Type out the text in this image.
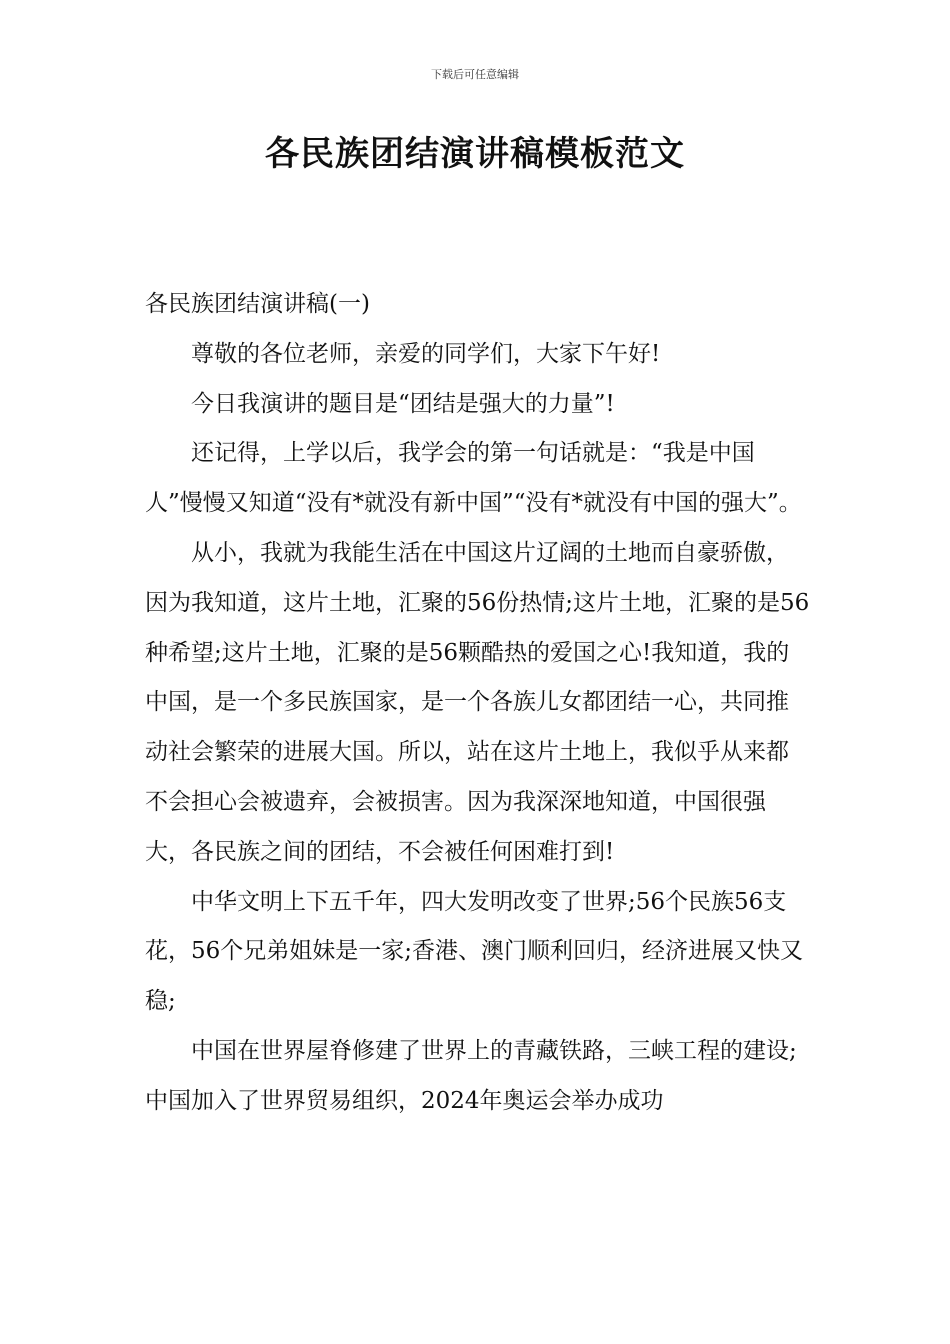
下载后可任意编辑
各民族团结演讲稿模板范文

各民族团结演讲稿(一)

尊敬的各位老师，亲爱的同学们，大家下午好!

今日我演讲的题目是“团结是强大的力量”!

还记得，上学以后，我学会的第一句话就是：“我是中国人”慢慢又知道“没有*就没有新中国”“没有*就没有中国的强大”。

从小，我就为我能生活在中国这片辽阔的土地而自豪骄傲，因为我知道，这片土地，汇聚的56份热情;这片土地，汇聚的是56种希望;这片土地，汇聚的是56颗酷热的爱国之心!我知道，我的中国，是一个多民族国家，是一个各族儿女都团结一心，共同推动社会繁荣的进展大国。所以，站在这片土地上，我似乎从来都不会担心会被遗弃，会被损害。因为我深深地知道，中国很强大，各民族之间的团结，不会被任何困难打到!

中华文明上下五千年，四大发明改变了世界;56个民族56支花，56个兄弟姐妹是一家;香港、澳门顺利回归，经济进展又快又稳;

中国在世界屋脊修建了世界上的青藏铁路，三峡工程的建设;中国加入了世界贸易组织，2024年奥运会举办成功
